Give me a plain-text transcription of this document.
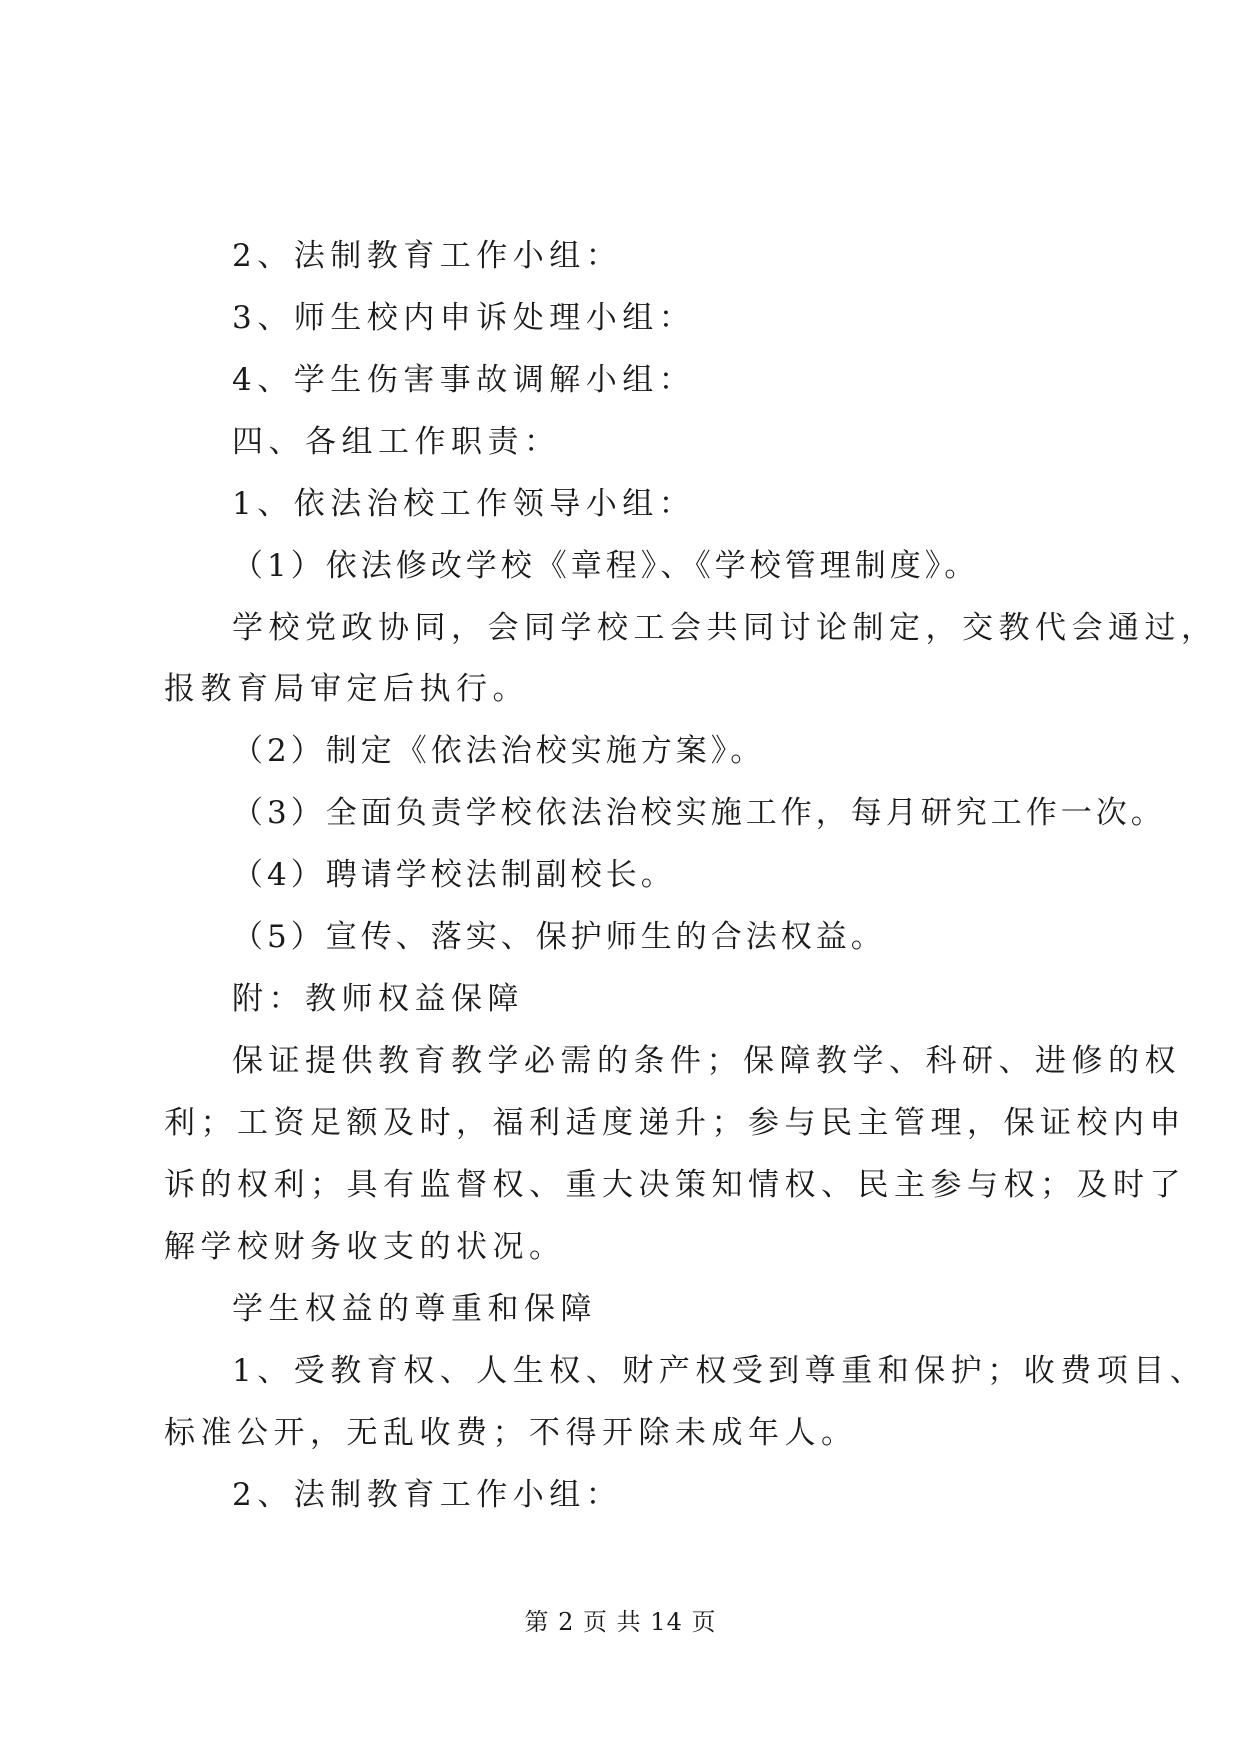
2、法制教育工作小组：

3、师生校内申诉处理小组：

4、学生伤害事故调解小组：

四、各组工作职责：

1、依法治校工作领导小组：

（1）依法修改学校《章程》、《学校管理制度》。

学校党政协同，会同学校工会共同讨论制定，交教代会通过，

报教育局审定后执行。

（2）制定《依法治校实施方案》。

（3）全面负责学校依法治校实施工作，每月研究工作一次。

（4）聘请学校法制副校长。

（5）宣传、落实、保护师生的合法权益。

附：教师权益保障

保证提供教育教学必需的条件；保障教学、科研、进修的权

利；工资足额及时，福利适度递升；参与民主管理，保证校内申

诉的权利；具有监督权、重大决策知情权、民主参与权；及时了

解学校财务收支的状况。

学生权益的尊重和保障

1、受教育权、人生权、财产权受到尊重和保护；收费项目、

标准公开，无乱收费；不得开除未成年人。

2、法制教育工作小组：

第 2 页 共 14 页
